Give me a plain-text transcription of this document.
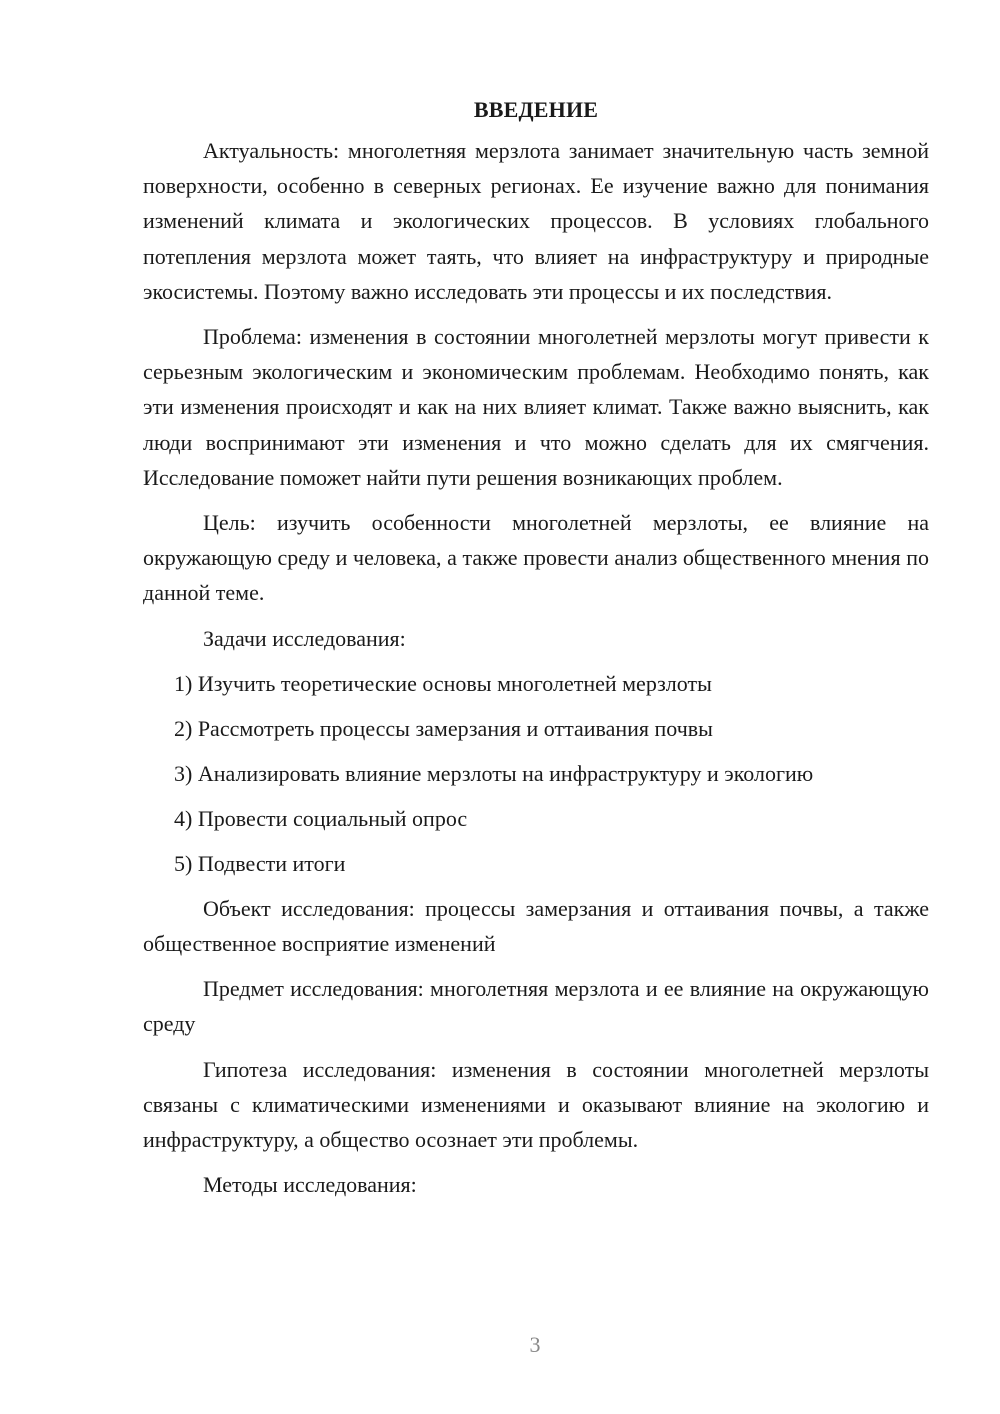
ВВЕДЕНИЕ

Актуальность: многолетняя мерзлота занимает значительную часть земной поверхности, особенно в северных регионах. Ее изучение важно для понимания изменений климата и экологических процессов. В условиях глобального потепления мерзлота может таять, что влияет на инфраструктуру и природные экосистемы. Поэтому важно исследовать эти процессы и их последствия.

Проблема: изменения в состоянии многолетней мерзлоты могут привести к серьезным экологическим и экономическим проблемам. Необходимо понять, как эти изменения происходят и как на них влияет климат. Также важно выяснить, как люди воспринимают эти изменения и что можно сделать для их смягчения. Исследование поможет найти пути решения возникающих проблем.

Цель: изучить особенности многолетней мерзлоты, ее влияние на окружающую среду и человека, а также провести анализ общественного мнения по данной теме.

Задачи исследования:

1) Изучить теоретические основы многолетней мерзлоты
2) Рассмотреть процессы замерзания и оттаивания почвы
3) Анализировать влияние мерзлоты на инфраструктуру и экологию
4) Провести социальный опрос
5) Подвести итоги

Объект исследования: процессы замерзания и оттаивания почвы, а также общественное восприятие изменений

Предмет исследования: многолетняя мерзлота и ее влияние на окружающую среду

Гипотеза исследования: изменения в состоянии многолетней мерзлоты связаны с климатическими изменениями и оказывают влияние на экологию и инфраструктуру, а общество осознает эти проблемы.

Методы исследования:

3
